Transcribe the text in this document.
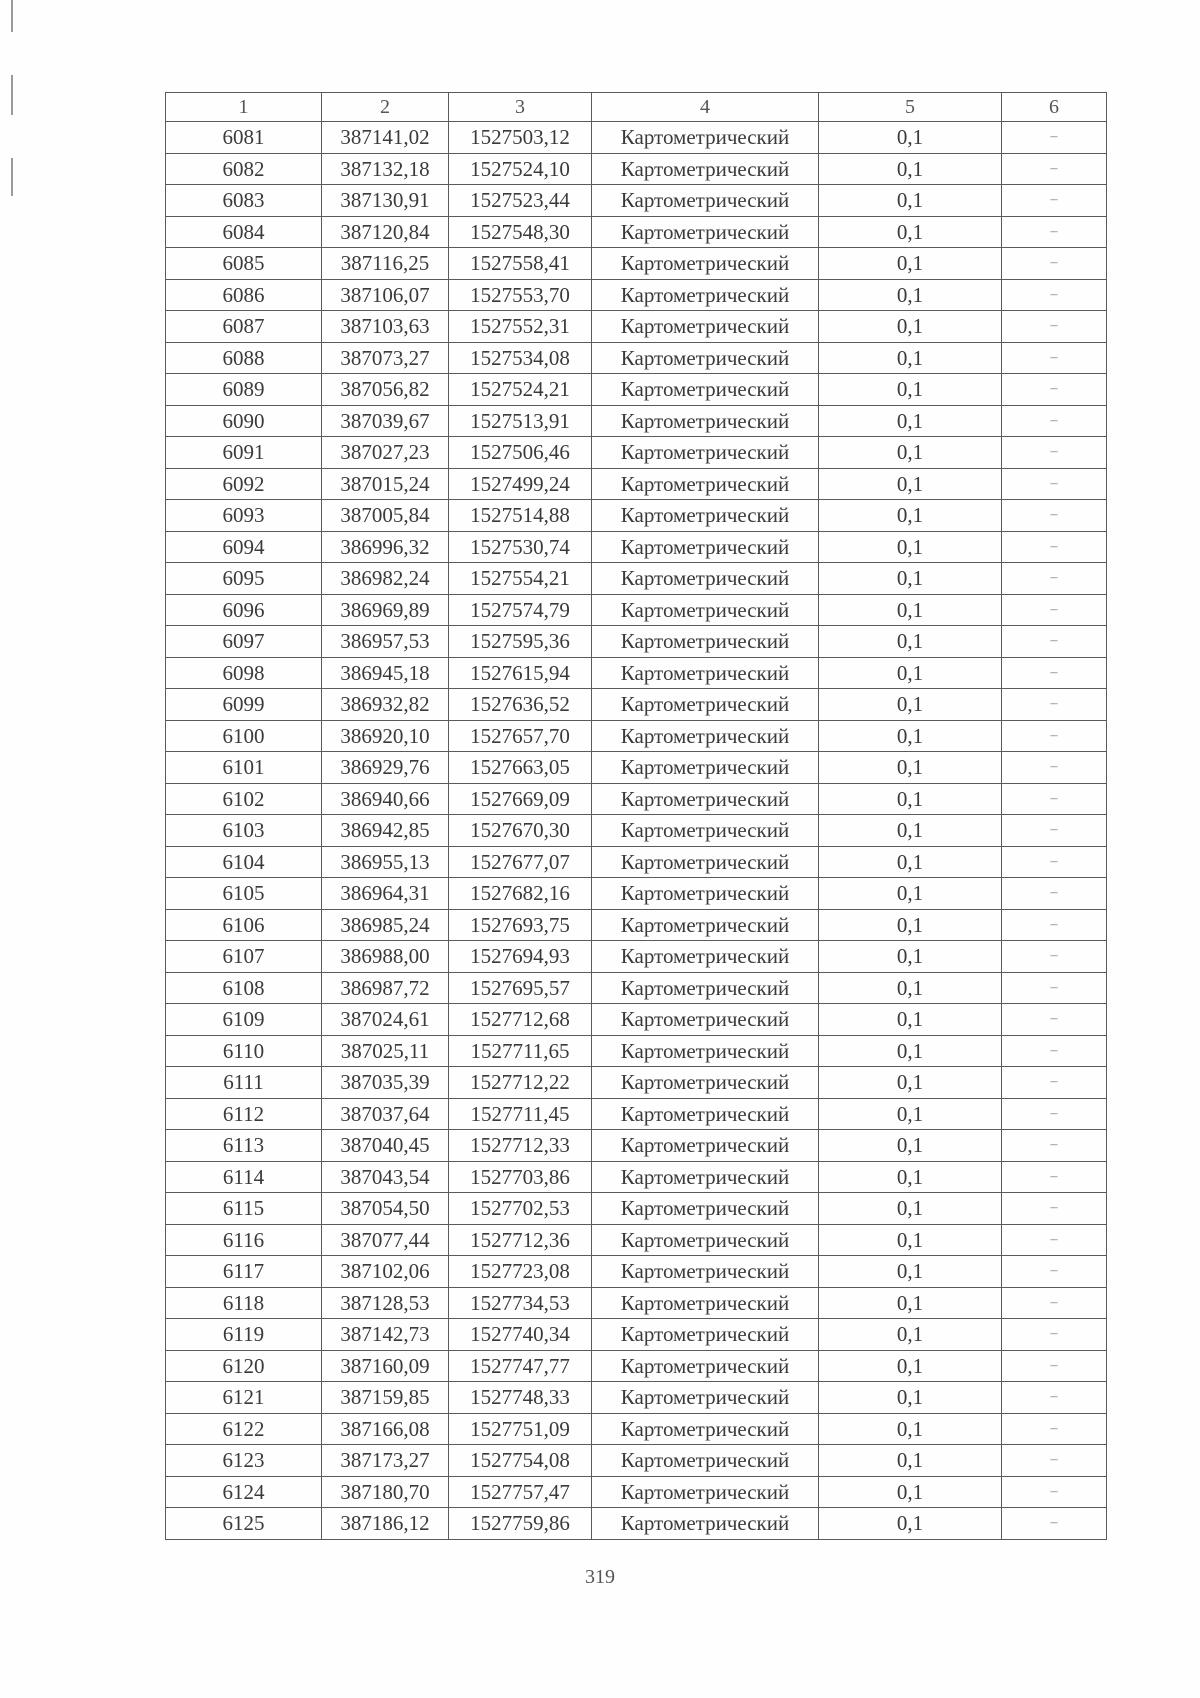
1	2	3	4	5	6
6081	387141,02	1527503,12	Картометрический	0,1	–
6082	387132,18	1527524,10	Картометрический	0,1	–
6083	387130,91	1527523,44	Картометрический	0,1	–
6084	387120,84	1527548,30	Картометрический	0,1	–
6085	387116,25	1527558,41	Картометрический	0,1	–
6086	387106,07	1527553,70	Картометрический	0,1	–
6087	387103,63	1527552,31	Картометрический	0,1	–
6088	387073,27	1527534,08	Картометрический	0,1	–
6089	387056,82	1527524,21	Картометрический	0,1	–
6090	387039,67	1527513,91	Картометрический	0,1	–
6091	387027,23	1527506,46	Картометрический	0,1	–
6092	387015,24	1527499,24	Картометрический	0,1	–
6093	387005,84	1527514,88	Картометрический	0,1	–
6094	386996,32	1527530,74	Картометрический	0,1	–
6095	386982,24	1527554,21	Картометрический	0,1	–
6096	386969,89	1527574,79	Картометрический	0,1	–
6097	386957,53	1527595,36	Картометрический	0,1	–
6098	386945,18	1527615,94	Картометрический	0,1	–
6099	386932,82	1527636,52	Картометрический	0,1	–
6100	386920,10	1527657,70	Картометрический	0,1	–
6101	386929,76	1527663,05	Картометрический	0,1	–
6102	386940,66	1527669,09	Картометрический	0,1	–
6103	386942,85	1527670,30	Картометрический	0,1	–
6104	386955,13	1527677,07	Картометрический	0,1	–
6105	386964,31	1527682,16	Картометрический	0,1	–
6106	386985,24	1527693,75	Картометрический	0,1	–
6107	386988,00	1527694,93	Картометрический	0,1	–
6108	386987,72	1527695,57	Картометрический	0,1	–
6109	387024,61	1527712,68	Картометрический	0,1	–
6110	387025,11	1527711,65	Картометрический	0,1	–
6111	387035,39	1527712,22	Картометрический	0,1	–
6112	387037,64	1527711,45	Картометрический	0,1	–
6113	387040,45	1527712,33	Картометрический	0,1	–
6114	387043,54	1527703,86	Картометрический	0,1	–
6115	387054,50	1527702,53	Картометрический	0,1	–
6116	387077,44	1527712,36	Картометрический	0,1	–
6117	387102,06	1527723,08	Картометрический	0,1	–
6118	387128,53	1527734,53	Картометрический	0,1	–
6119	387142,73	1527740,34	Картометрический	0,1	–
6120	387160,09	1527747,77	Картометрический	0,1	–
6121	387159,85	1527748,33	Картометрический	0,1	–
6122	387166,08	1527751,09	Картометрический	0,1	–
6123	387173,27	1527754,08	Картометрический	0,1	–
6124	387180,70	1527757,47	Картометрический	0,1	–
6125	387186,12	1527759,86	Картометрический	0,1	–
319
